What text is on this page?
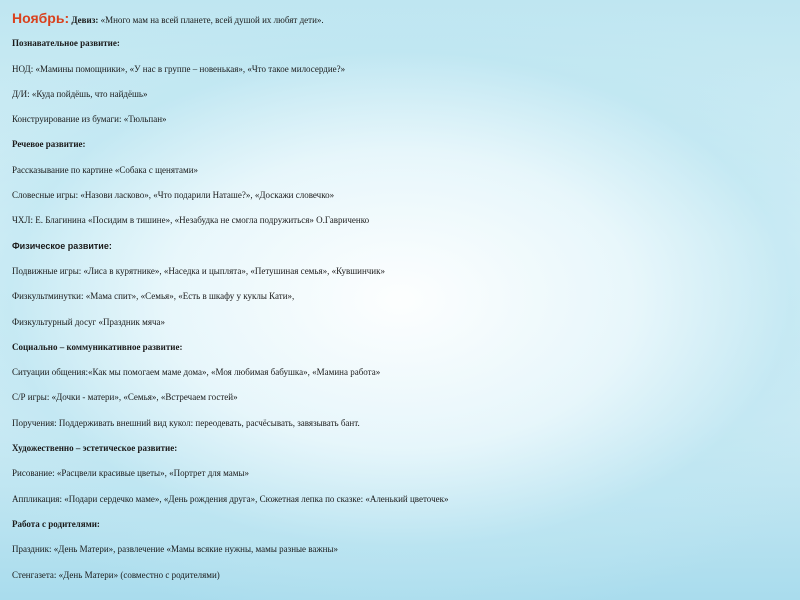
Ноябрь: Девиз: «Много мам на всей планете, всей душой их любят дети».
Познавательное развитие:
НОД: «Мамины помощники», «У нас в группе – новенькая», «Что такое милосердие?»
Д/И: «Куда пойдёшь, что найдёшь»
Конструирование из бумаги: «Тюльпан»
Речевое развитие:
Рассказывание по картине «Собака с щенятами»
Словесные игры: «Назови ласково», «Что подарили Наташе?», «Доскажи словечко»
ЧХЛ: Е. Благинина «Посидим в тишине», «Незабудка не смогла подружиться» О.Гавриченко
Физическое развитие:
Подвижные игры: «Лиса в курятнике», «Наседка и цыплята», «Петушиная семья», «Кувшинчик»
Физкультминутки: «Мама спит», «Семья», «Есть в шкафу у куклы Кати»,
Физкультурный досуг «Праздник мяча»
Социально – коммуникативное развитие:
Ситуации общения:«Как мы помогаем маме дома», «Моя любимая бабушка», «Мамина работа»
С/Р игры: «Дочки - матери», «Семья», «Встречаем гостей»
Поручения: Поддерживать внешний вид кукол: переодевать, расчёсывать, завязывать бант.
Художественно – эстетическое развитие:
Рисование: «Расцвели красивые цветы», «Портрет для мамы»
Аппликация: «Подари сердечко маме», «День рождения друга», Сюжетная лепка по сказке: «Аленький цветочек»
Работа с родителями:
Праздник: «День Матери», развлечение «Мамы всякие нужны, мамы разные важны»
Стенгазета: «День Матери» (совместно с родителями)
